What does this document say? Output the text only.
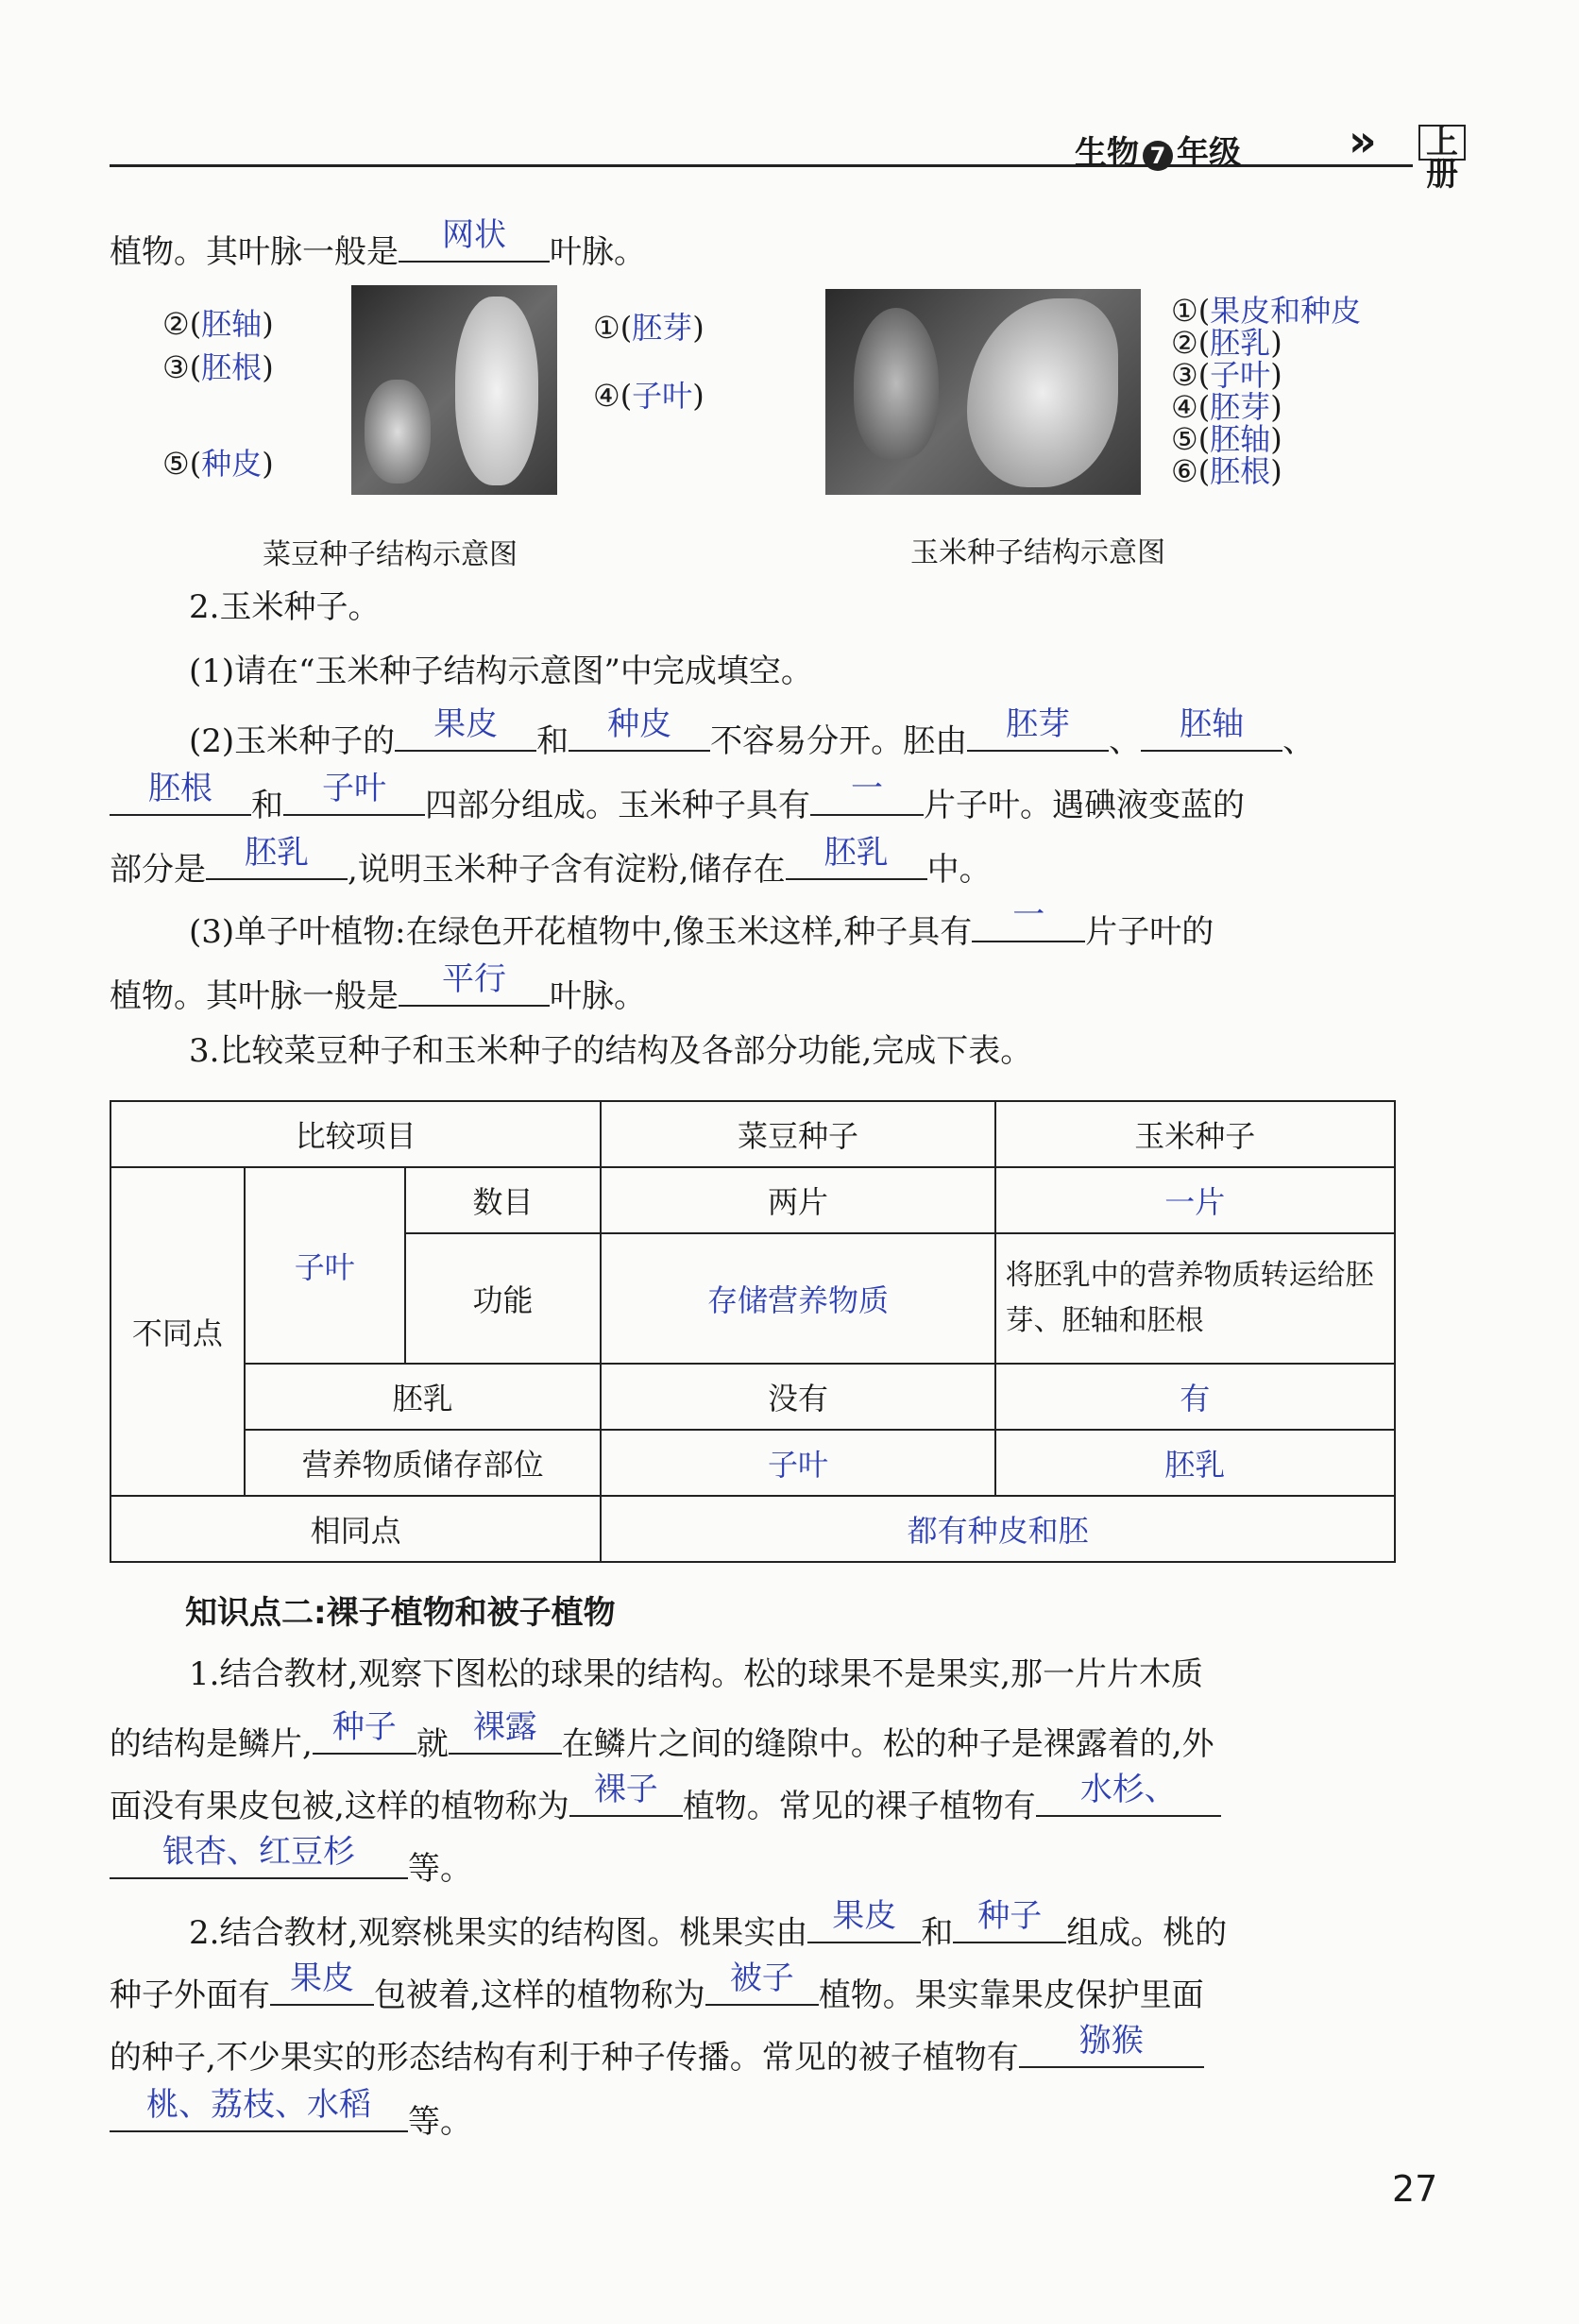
生物 7 年级 » 上册
植物。其叶脉一般是	网状	叶脉。
②(胚轴)
③(胚根)
⑤(种皮)
①(胚芽)
④(子叶)
菜豆种子结构示意图
①(果皮和种皮
②(胚乳)
③(子叶)
④(胚芽)
⑤(胚轴)
⑥(胚根)
玉米种子结构示意图
2.玉米种子。
(1)请在“玉米种子结构示意图”中完成填空。
(2)玉米种子的	果皮	和	种皮	不容易分开。胚由	胚芽	、	胚轴	、
胚根	和	子叶	四部分组成。玉米种子具有	一	片子叶。遇碘液变蓝的
部分是	胚乳	,说明玉米种子含有淀粉,储存在	胚乳	中。
(3)单子叶植物:在绿色开花植物中,像玉米这样,种子具有	一	片子叶的
植物。其叶脉一般是	平行	叶脉。
3.比较菜豆种子和玉米种子的结构及各部分功能,完成下表。
比较项目			菜豆种子	玉米种子
不同点	子叶	数目	两片	一片
		功能	存储营养物质	将胚乳中的营养物质转运给胚芽、胚轴和胚根
	胚乳		没有	有
	营养物质储存部位		子叶	胚乳
相同点			都有种皮和胚	
知识点二:裸子植物和被子植物
1.结合教材,观察下图松的球果的结构。松的球果不是果实,那一片片木质
的结构是鳞片, 种子 就 裸露 在鳞片之间的缝隙中。松的种子是裸露着的,外
面没有果皮包被,这样的植物称为 裸子 植物。常见的裸子植物有	水杉、
银杏、红豆杉	等。
2.结合教材,观察桃果实的结构图。桃果实由 果皮 和 种子 组成。桃的
种子外面有 果皮 包被着,这样的植物称为 被子 植物。果实靠果皮保护里面
的种子,不少果实的形态结构有利于种子传播。常见的被子植物有	猕猴
桃、荔枝、水稻	等。
27
